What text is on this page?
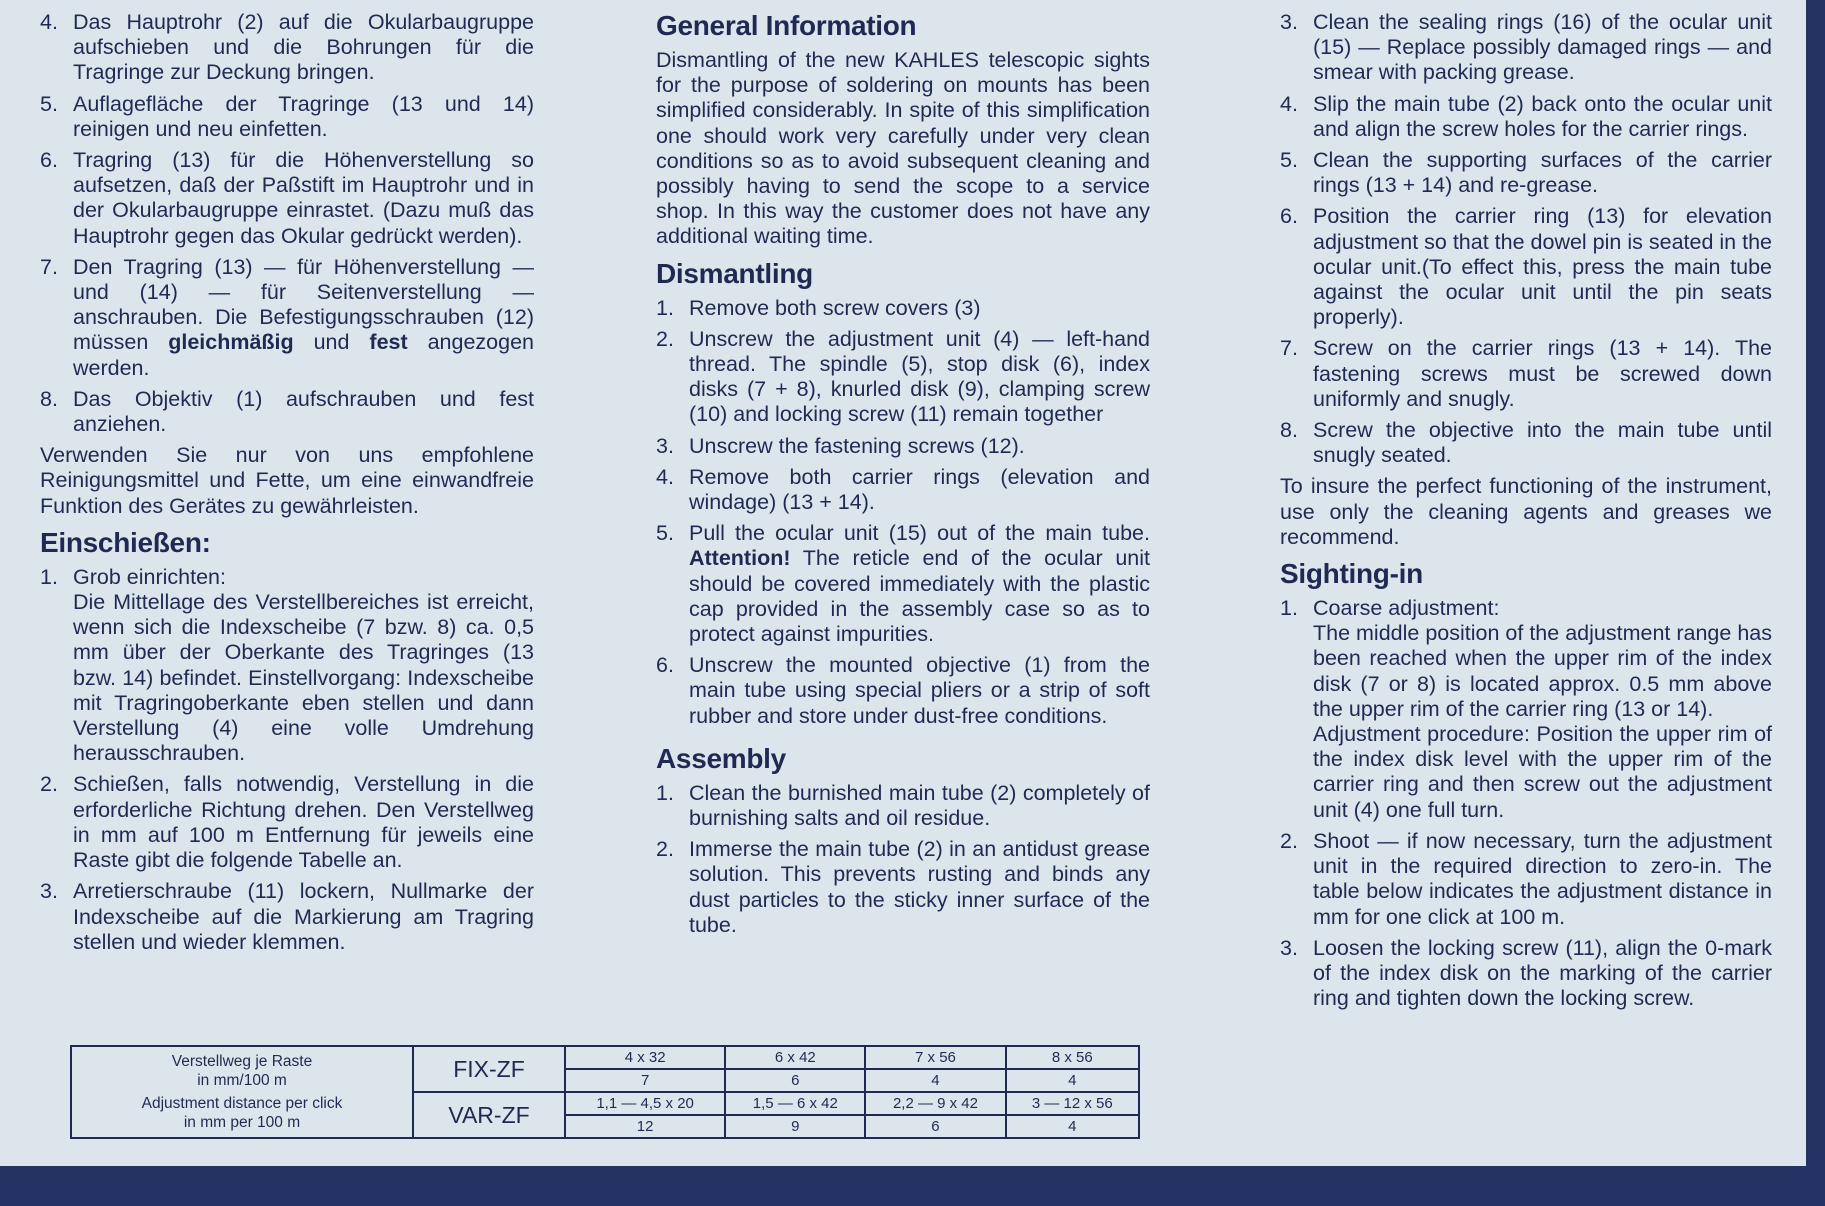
4. Das Hauptrohr (2) auf die Okularbaugruppe aufschieben und die Bohrungen für die Tragringe zur Deckung bringen.
5. Auflagefläche der Tragringe (13 und 14) reinigen und neu einfetten.
6. Tragring (13) für die Höhenverstellung so aufsetzen, daß der Paßstift im Hauptrohr und in der Okularbaugruppe einrastet. (Dazu muß das Hauptrohr gegen das Okular gedrückt werden).
7. Den Tragring (13) — für Höhenverstellung — und (14) — für Seitenverstellung — anschrauben. Die Befestigungsschrauben (12) müssen gleichmäßig und fest angezogen werden.
8. Das Objektiv (1) aufschrauben und fest anziehen.
Verwenden Sie nur von uns empfohlene Reinigungsmittel und Fette, um eine einwandfreie Funktion des Gerätes zu gewährleisten.
Einschießen:
1. Grob einrichten:
Die Mittellage des Verstellbereiches ist erreicht, wenn sich die Indexscheibe (7 bzw. 8) ca. 0,5 mm über der Oberkante des Tragringes (13 bzw. 14) befindet. Einstellvorgang: Indexscheibe mit Tragringoberkante eben stellen und dann Verstellung (4) eine volle Umdrehung herausschrauben.
2. Schießen, falls notwendig, Verstellung in die erforderliche Richtung drehen. Den Verstellweg in mm auf 100 m Entfernung für jeweils eine Raste gibt die folgende Tabelle an.
3. Arretierschraube (11) lockern, Nullmarke der Indexscheibe auf die Markierung am Tragring stellen und wieder klemmen.
General Information
Dismantling of the new KAHLES telescopic sights for the purpose of soldering on mounts has been simplified considerably. In spite of this simplification one should work very carefully under very clean conditions so as to avoid subsequent cleaning and possibly having to send the scope to a service shop. In this way the customer does not have any additional waiting time.
Dismantling
1. Remove both screw covers (3)
2. Unscrew the adjustment unit (4) — left-hand thread. The spindle (5), stop disk (6), index disks (7 + 8), knurled disk (9), clamping screw (10) and locking screw (11) remain together
3. Unscrew the fastening screws (12).
4. Remove both carrier rings (elevation and windage) (13 + 14).
5. Pull the ocular unit (15) out of the main tube. Attention! The reticle end of the ocular unit should be covered immediately with the plastic cap provided in the assembly case so as to protect against impurities.
6. Unscrew the mounted objective (1) from the main tube using special pliers or a strip of soft rubber and store under dust-free conditions.
Assembly
1. Clean the burnished main tube (2) completely of burnishing salts and oil residue.
2. Immerse the main tube (2) in an antidust grease solution. This prevents rusting and binds any dust particles to the sticky inner surface of the tube.
3. Clean the sealing rings (16) of the ocular unit (15) — Replace possibly damaged rings — and smear with packing grease.
4. Slip the main tube (2) back onto the ocular unit and align the screw holes for the carrier rings.
5. Clean the supporting surfaces of the carrier rings (13 + 14) and re-grease.
6. Position the carrier ring (13) for elevation adjustment so that the dowel pin is seated in the ocular unit.(To effect this, press the main tube against the ocular unit until the pin seats properly).
7. Screw on the carrier rings (13 + 14). The fastening screws must be screwed down uniformly and snugly.
8. Screw the objective into the main tube until snugly seated.
To insure the perfect functioning of the instrument, use only the cleaning agents and greases we recommend.
Sighting-in
1. Coarse adjustment:
The middle position of the adjustment range has been reached when the upper rim of the index disk (7 or 8) is located approx. 0.5 mm above the upper rim of the carrier ring (13 or 14).
Adjustment procedure: Position the upper rim of the index disk level with the upper rim of the carrier ring and then screw out the adjustment unit (4) one full turn.
2. Shoot — if now necessary, turn the adjustment unit in the required direction to zero-in. The table below indicates the adjustment distance in mm for one click at 100 m.
3. Loosen the locking screw (11), align the 0-mark of the index disk on the marking of the carrier ring and tighten down the locking screw.
Verstellweg je Raste
in mm/100 m
Adjustment distance per click
in mm per 100 m	FIX-ZF	4 x 32	6 x 42	7 x 56	8 x 56
		7	6	4	4
	VAR-ZF	1,1 — 4,5 x 20	1,5 — 6 x 42	2,2 — 9 x 42	3 — 12 x 56
		12	9	6	4
